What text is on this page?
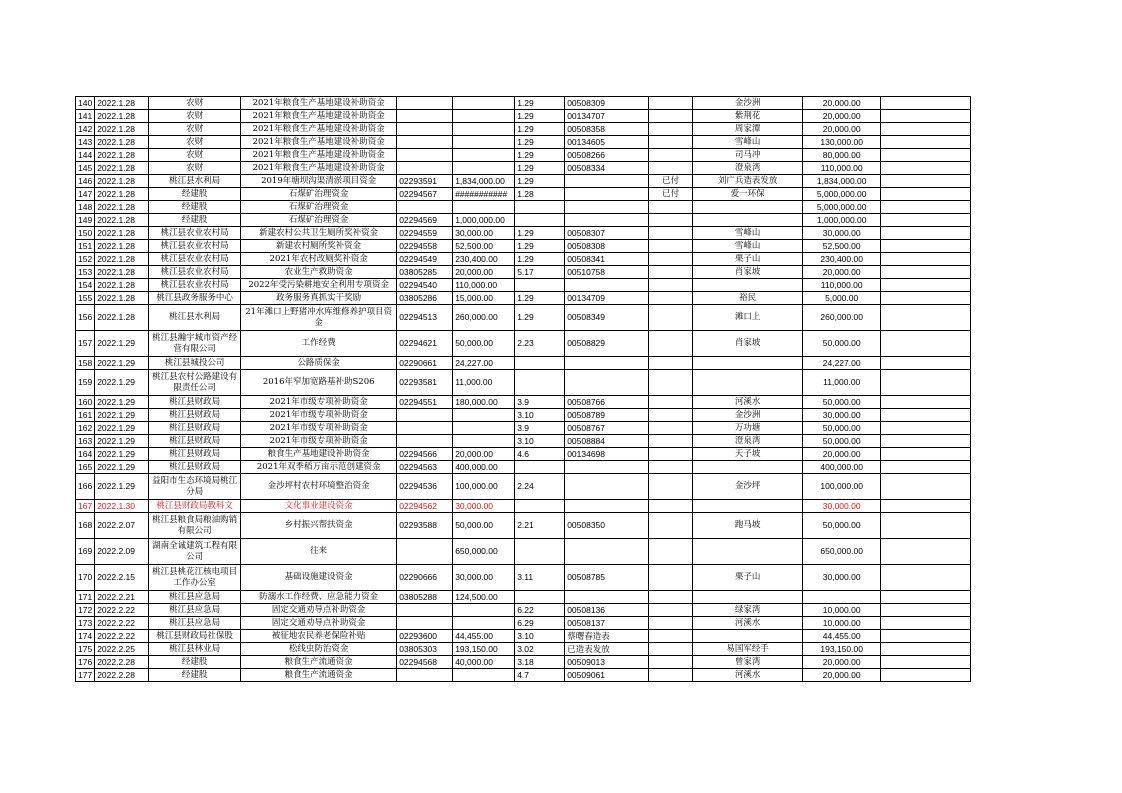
140	2022.1.28	农财	2021年粮食生产基地建设补助资金			1.29	00508309		金沙洲	20,000.00	
141	2022.1.28	农财	2021年粮食生产基地建设补助资金			1.29	00134707		紫荆花	20,000.00	
142	2022.1.28	农财	2021年粮食生产基地建设补助资金			1.29	00508358		周家潭	20,000.00	
143	2022.1.28	农财	2021年粮食生产基地建设补助资金			1.29	00134605		雪峰山	130,000.00	
144	2022.1.28	农财	2021年粮食生产基地建设补助资金			1.29	00508266		司马冲	80,000.00	
145	2022.1.28	农财	2021年粮食生产基地建设补助资金			1.29	00508334		澄泉湾	110,000.00	
146	2022.1.28	桃江县水利局	2019年塘坝沟渠清淤项目资金	02293591	1,834,000.00	1.29		已付	刘广兵造表发放	1,834,000.00	
147	2022.1.28	经建股	石煤矿治理资金	02294567	###########	1.28		已付	爱一环保	5,000,000.00	
148	2022.1.28	经建股	石煤矿治理资金							5,000,000.00	
149	2022.1.28	经建股	石煤矿治理资金	02294569	1,000,000.00					1,000,000.00	
150	2022.1.28	桃江县农业农村局	新建农村公共卫生厕所奖补资金	02294559	30,000.00	1.29	00508307		雪峰山	30,000.00	
151	2022.1.28	桃江县农业农村局	新建农村厕所奖补资金	02294558	52,500.00	1.29	00508308		雪峰山	52,500.00	
152	2022.1.28	桃江县农业农村局	2021年农村改厕奖补资金	02294549	230,400.00	1.29	00508341		栗子山	230,400.00	
153	2022.1.28	桃江县农业农村局	农业生产救助资金	03805285	20,000.00	5.17	00510758		肖家坡	20,000.00	
154	2022.1.28	桃江县农业农村局	2022年受污染耕地安全利用专项资金	02294540	110,000.00					110,000.00	
155	2022.1.28	桃江县政务服务中心	政务服务真抓实干奖励	03805286	15,000.00	1.29	00134709		裕民	5,000.00	
156	2022.1.28	桃江县水利局	21年滩口上野猪冲水库维修养护项目资金	02294513	260,000.00	1.29	00508349		滩口上	260,000.00	
157	2022.1.29	桃江县瀚宇城市资产经营有限公司	工作经费	02294621	50,000.00	2.23	00508829		肖家坡	50,000.00	
158	2022.1.29	桃江县城投公司	公路质保金	02290661	24,227.00					24,227.00	
159	2022.1.29	桃江县农村公路建设有限责任公司	2016年窄加宽路基补助S206	02293581	11,000.00					11,000.00	
160	2022.1.29	桃江县财政局	2021年市级专项补助资金	02294551	180,000.00	3.9	00508766		河溪水	50,000.00	
161	2022.1.29	桃江县财政局	2021年市级专项补助资金			3.10	00508789		金沙洲	30,000.00	
162	2022.1.29	桃江县财政局	2021年市级专项补助资金			3.9	00508767		万功塘	50,000.00	
163	2022.1.29	桃江县财政局	2021年市级专项补助资金			3.10	00508884		澄泉湾	50,000.00	
164	2022.1.29	桃江县财政局	粮食生产基地建设补助资金	02294566	20,000.00	4.6	00134698		天子坡	20,000.00	
165	2022.1.29	桃江县财政局	2021年双季稻万亩示范创建资金	02294563	400,000.00					400,000.00	
166	2022.1.29	益阳市生态环境局桃江分局	金沙坪村农村环境整治资金	02294536	100,000.00	2.24			金沙坪	100,000.00	
167	2022.1.30	桃江县财政局教科文	文化事业建设资金	02294562	30,000.00					30,000.00	
168	2022.2.07	桃江县粮食局粮油购销有限公司	乡村振兴帮扶资金	02293588	50,000.00	2.21	00508350		跑马坡	50,000.00	
169	2022.2.09	湖南全诚建筑工程有限公司	往来		650,000.00					650,000.00	
170	2022.2.15	桃江县桃花江核电项目工作办公室	基础设施建设资金	02290666	30,000.00	3.11	00508785		栗子山	30,000.00	
171	2022.2.21	桃江县应急局	防溺水工作经费、应急能力资金	03805288	124,500.00						
172	2022.2.22	桃江县应急局	固定交通劝导点补助资金			6.22	00508136		绿家湾	10,000.00	
173	2022.2.22	桃江县应急局	固定交通劝导点补助资金			6.29	00508137		河溪水	10,000.00	
174	2022.2.22	桃江县财政局社保股	被征地农民养老保险补贴	02293600	44,455.00	3.10	蔡曙春造表			44,455.00	
175	2022.2.25	桃江县林业局	松线虫防治资金	03805303	193,150.00	3.02	已造表发放		易国军经手	193,150.00	
176	2022.2.28	经建股	粮食生产流通资金	02294568	40,000.00	3.18	00509013		曾家湾	20,000.00	
177	2022.2.28	经建股	粮食生产流通资金			4.7	00509061		河溪水	20,000.00	
